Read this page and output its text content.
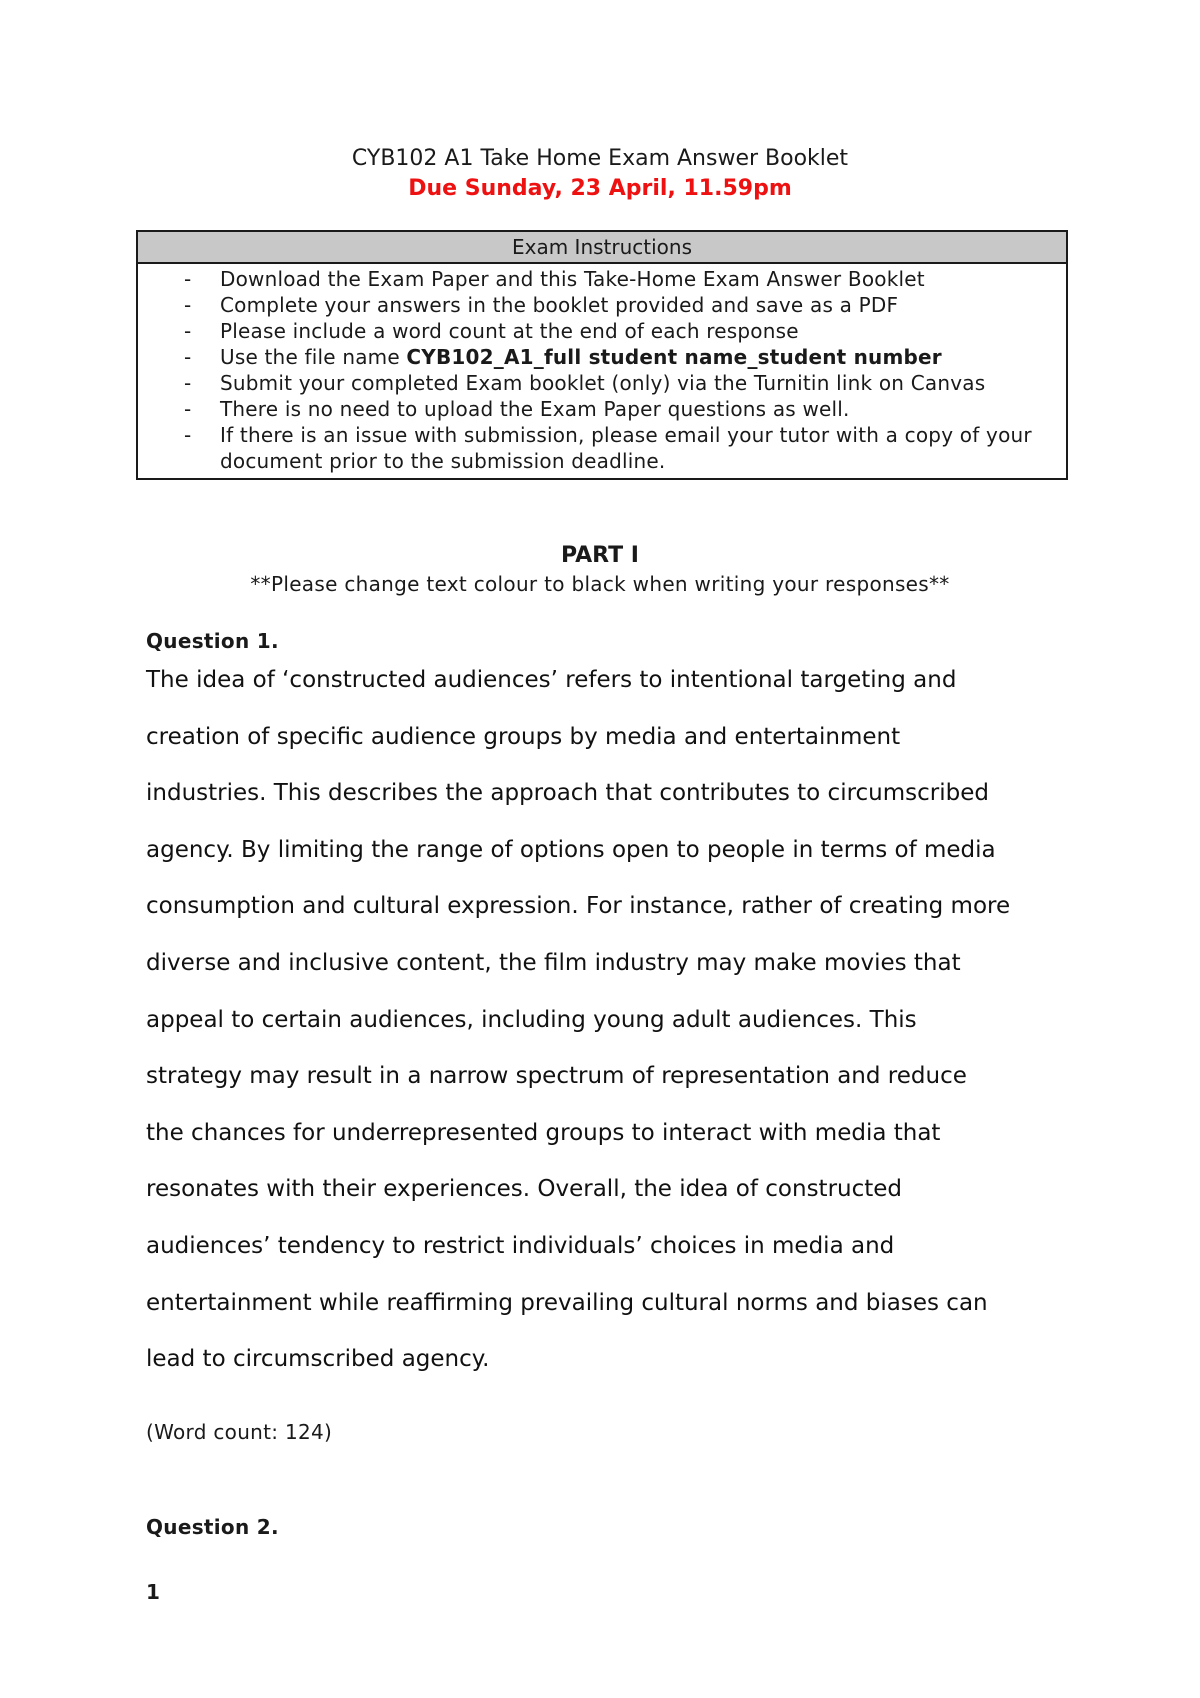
CYB102 A1 Take Home Exam Answer Booklet
Due Sunday, 23 April, 11.59pm
Exam Instructions
- Download the Exam Paper and this Take-Home Exam Answer Booklet
- Complete your answers in the booklet provided and save as a PDF
- Please include a word count at the end of each response
- Use the file name CYB102_A1_full student name_student number
- Submit your completed Exam booklet (only) via the Turnitin link on Canvas
- There is no need to upload the Exam Paper questions as well.
- If there is an issue with submission, please email your tutor with a copy of your document prior to the submission deadline.
PART I
**Please change text colour to black when writing your responses**
Question 1.
The idea of ‘constructed audiences’ refers to intentional targeting and
creation of specific audience groups by media and entertainment
industries. This describes the approach that contributes to circumscribed
agency. By limiting the range of options open to people in terms of media
consumption and cultural expression. For instance, rather of creating more
diverse and inclusive content, the film industry may make movies that
appeal to certain audiences, including young adult audiences. This
strategy may result in a narrow spectrum of representation and reduce
the chances for underrepresented groups to interact with media that
resonates with their experiences. Overall, the idea of constructed
audiences’ tendency to restrict individuals’ choices in media and
entertainment while reaffirming prevailing cultural norms and biases can
lead to circumscribed agency.
(Word count: 124)
Question 2.
1
